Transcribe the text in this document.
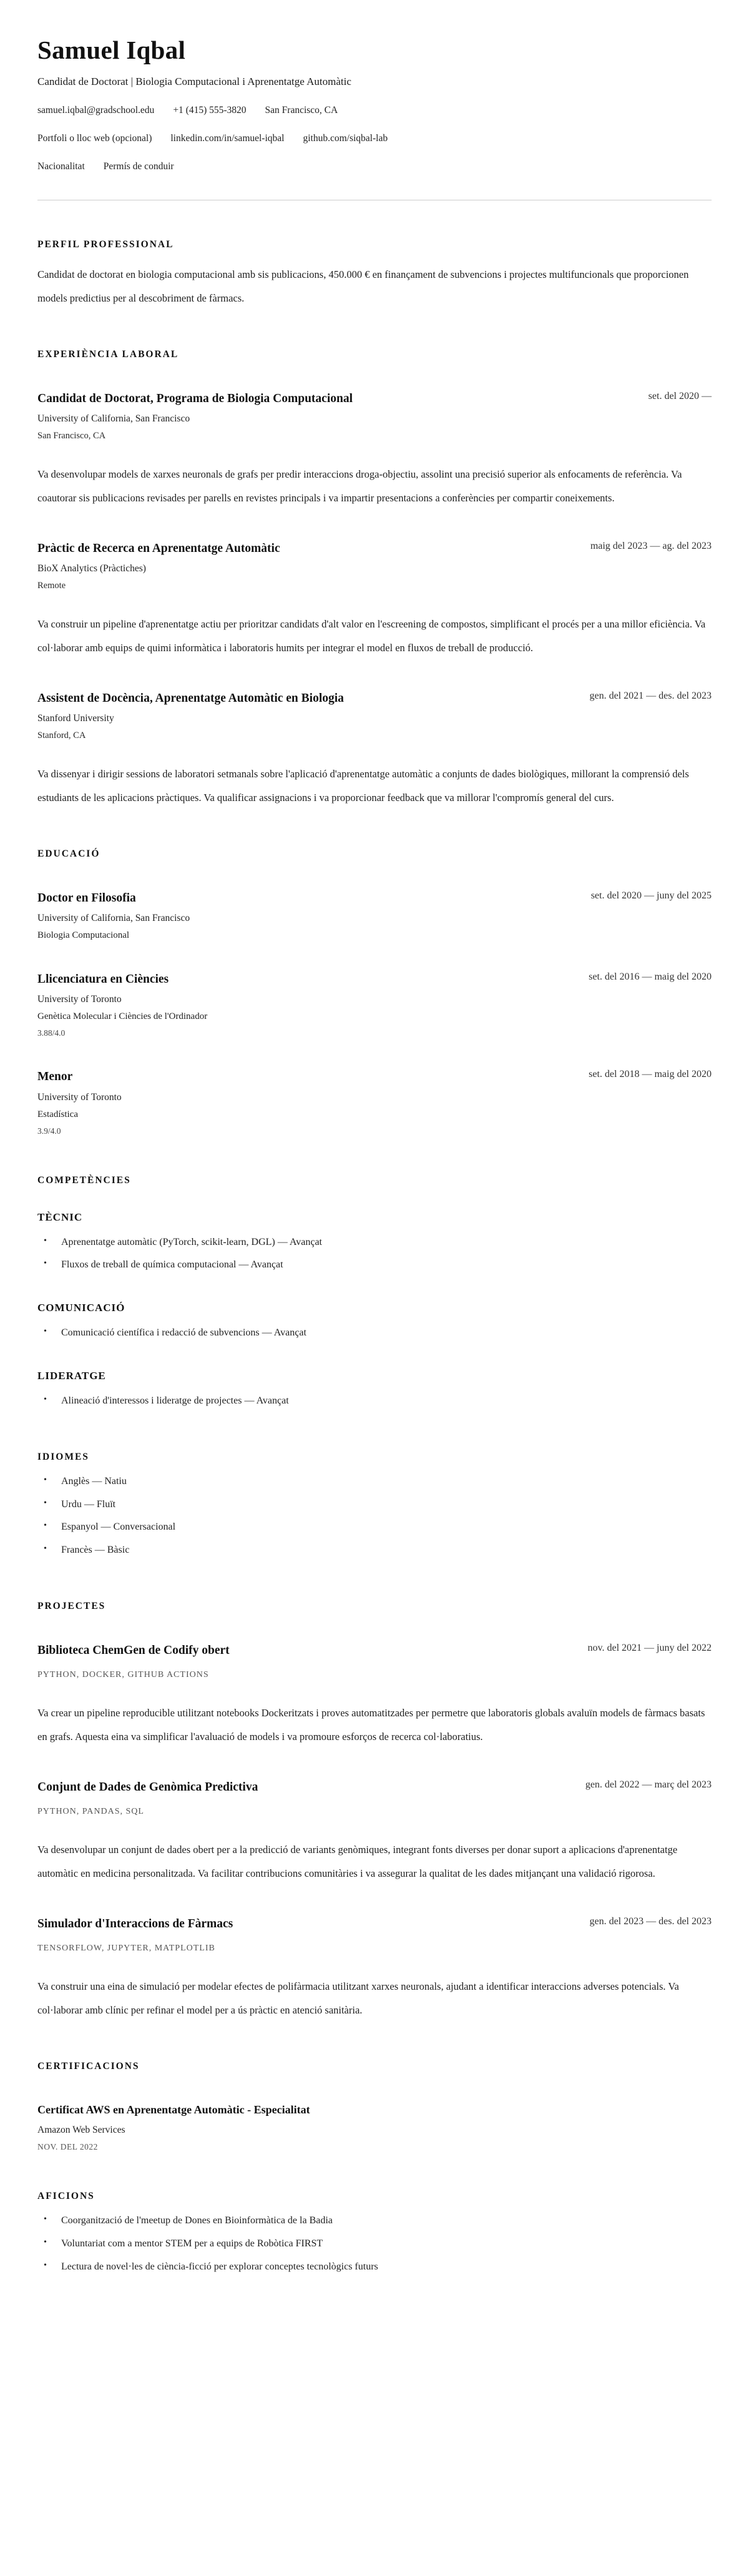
Samuel Iqbal
Candidat de Doctorat | Biologia Computacional i Aprenentatge Automàtic
samuel.iqbal@gradschool.edu +1 (415) 555-3820 San Francisco, CA
Portfoli o lloc web (opcional) linkedin.com/in/samuel-iqbal github.com/siqbal-lab
Nacionalitat Permís de conduir
PERFIL PROFESSIONAL

Candidat de doctorat en biologia computacional amb sis publicacions, 450.000 € en finançament de subvencions i projectes multifuncionals que proporcionen models predictius per al descobriment de fàrmacs.

EXPERIÈNCIA LABORAL
Candidat de Doctorat, Programa de Biologia Computacional	set. del 2020 —
University of California, San Francisco
San Francisco, CA

Va desenvolupar models de xarxes neuronals de grafs per predir interaccions droga-objectiu, assolint una precisió superior als enfocaments de referència. Va coautorar sis publicacions revisades per parells en revistes principals i va impartir presentacions a conferències per compartir coneixements.

Pràctic de Recerca en Aprenentatge Automàtic	maig del 2023 — ag. del 2023
BioX Analytics (Pràctiches)
Remote

Va construir un pipeline d'aprenentatge actiu per prioritzar candidats d'alt valor en l'escreening de compostos, simplificant el procés per a una millor eficiència. Va col·laborar amb equips de quimi informàtica i laboratoris humits per integrar el model en fluxos de treball de producció.

Assistent de Docència, Aprenentatge Automàtic en Biologia	gen. del 2021 — des. del 2023
Stanford University
Stanford, CA

Va dissenyar i dirigir sessions de laboratori setmanals sobre l'aplicació d'aprenentatge automàtic a conjunts de dades biològiques, millorant la comprensió dels estudiants de les aplicacions pràctiques. Va qualificar assignacions i va proporcionar feedback que va millorar l'compromís general del curs.

EDUCACIÓ
Doctor en Filosofia	set. del 2020 — juny del 2025
University of California, San Francisco
Biologia Computacional
Llicenciatura en Ciències	set. del 2016 — maig del 2020
University of Toronto
Genètica Molecular i Ciències de l'Ordinador
3.88/4.0
Menor	set. del 2018 — maig del 2020
University of Toronto
Estadística
3.9/4.0
COMPETÈNCIES
TÈCNIC
• Aprenentatge automàtic (PyTorch, scikit-learn, DGL) — Avançat
• Fluxos de treball de química computacional — Avançat
COMUNICACIÓ
• Comunicació científica i redacció de subvencions — Avançat
LIDERATGE
• Alineació d'interessos i lideratge de projectes — Avançat
IDIOMES
• Anglès — Natiu
• Urdu — Fluït
• Espanyol — Conversacional
• Francès — Bàsic
PROJECTES
Biblioteca ChemGen de Codify obert	nov. del 2021 — juny del 2022
PYTHON, DOCKER, GITHUB ACTIONS

Va crear un pipeline reproducible utilitzant notebooks Dockeritzats i proves automatitzades per permetre que laboratoris globals avaluïn models de fàrmacs basats en grafs. Aquesta eina va simplificar l'avaluació de models i va promoure esforços de recerca col·laboratius.

Conjunt de Dades de Genòmica Predictiva	gen. del 2022 — març del 2023
PYTHON, PANDAS, SQL

Va desenvolupar un conjunt de dades obert per a la predicció de variants genòmiques, integrant fonts diverses per donar suport a aplicacions d'aprenentatge automàtic en medicina personalitzada. Va facilitar contribucions comunitàries i va assegurar la qualitat de les dades mitjançant una validació rigorosa.

Simulador d'Interaccions de Fàrmacs	gen. del 2023 — des. del 2023
TENSORFLOW, JUPYTER, MATPLOTLIB

Va construir una eina de simulació per modelar efectes de polifàrmacia utilitzant xarxes neuronals, ajudant a identificar interaccions adverses potencials. Va col·laborar amb clínic per refinar el model per a ús pràctic en atenció sanitària.

CERTIFICACIONS
Certificat AWS en Aprenentatge Automàtic - Especialitat
Amazon Web Services
NOV. DEL 2022
AFICIONS
• Coorganització de l'meetup de Dones en Bioinformàtica de la Badia
• Voluntariat com a mentor STEM per a equips de Robòtica FIRST
• Lectura de novel·les de ciència-ficció per explorar conceptes tecnològics futurs
